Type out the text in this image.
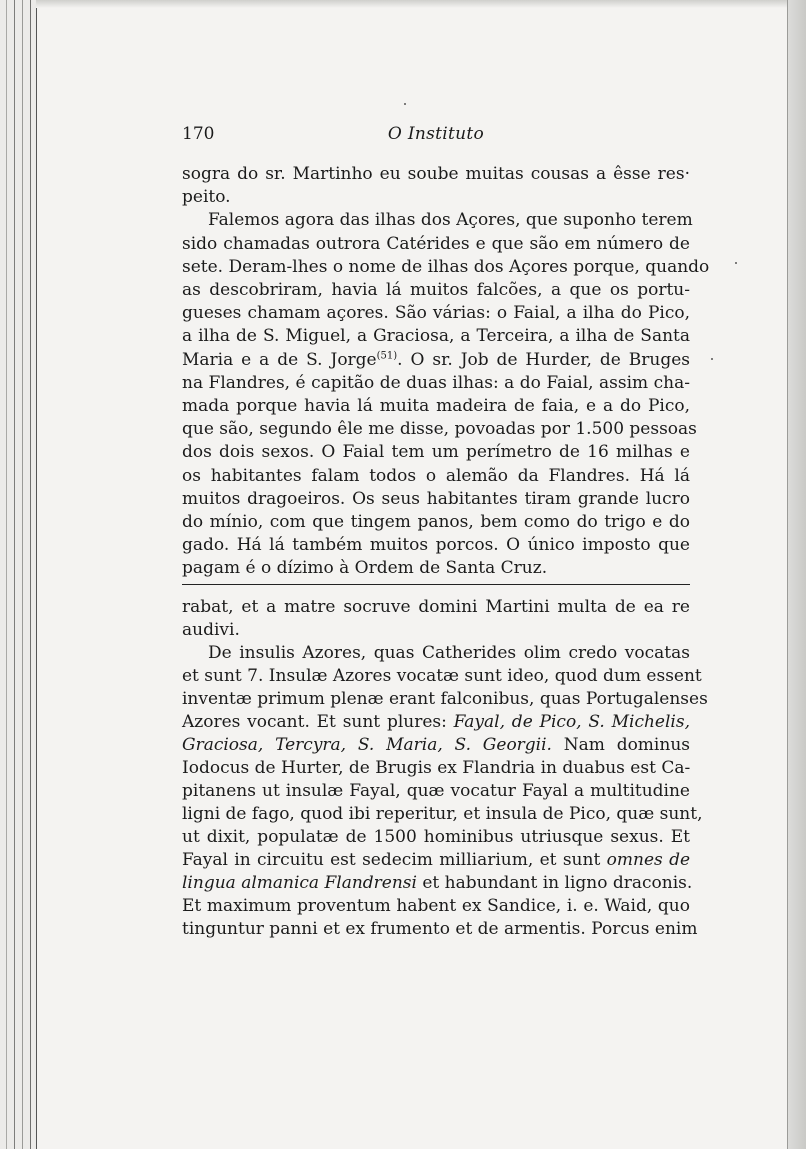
170	O Instituto
sogra do sr. Martinho eu soube muitas cousas a êsse res·
peito.
Falemos agora das ilhas dos Açores, que suponho terem
sido chamadas outrora Catérides e que são em número de
sete. Deram-lhes o nome de ilhas dos Açores porque, quando
as descobriram, havia lá muitos falcões, a que os portu-
gueses chamam açores. São várias: o Faial, a ilha do Pico,
a ilha de S. Miguel, a Graciosa, a Terceira, a ilha de Santa
Maria e a de S. Jorge$^{(51)}$. O sr. Job de Hurder, de Bruges
na Flandres, é capitão de duas ilhas: a do Faial, assim cha-
mada porque havia lá muita madeira de faia, e a do Pico,
que são, segundo êle me disse, povoadas por 1.500 pessoas
dos dois sexos. O Faial tem um perímetro de 16 milhas e
os habitantes falam todos o alemão da Flandres. Há lá
muitos dragoeiros. Os seus habitantes tiram grande lucro
do mínio, com que tingem panos, bem como do trigo e do
gado. Há lá também muitos porcos. O único imposto que
pagam é o dízimo à Ordem de Santa Cruz.
rabat, et a matre socruve domini Martini multa de ea re
audivi.
De insulis Azores, quas Catherides olim credo vocatas
et sunt 7. Insulæ Azores vocatæ sunt ideo, quod dum essent
inventæ primum plenæ erant falconibus, quas Portugalenses
Azores vocant. Et sunt plures: Fayal, de Pico, S. Michelis,
Graciosa, Tercyra, S. Maria, S. Georgii. Nam dominus
Iodocus de Hurter, de Brugis ex Flandria in duabus est Ca-
pitanens ut insulæ Fayal, quæ vocatur Fayal a multitudine
ligni de fago, quod ibi reperitur, et insula de Pico, quæ sunt,
ut dixit, populatæ de 1500 hominibus utriusque sexus. Et
Fayal in circuitu est sedecim milliarium, et sunt omnes de
lingua almanica Flandrensi et habundant in ligno draconis.
Et maximum proventum habent ex Sandice, i. e. Waid, quo
tinguntur panni et ex frumento et de armentis. Porcus enim
